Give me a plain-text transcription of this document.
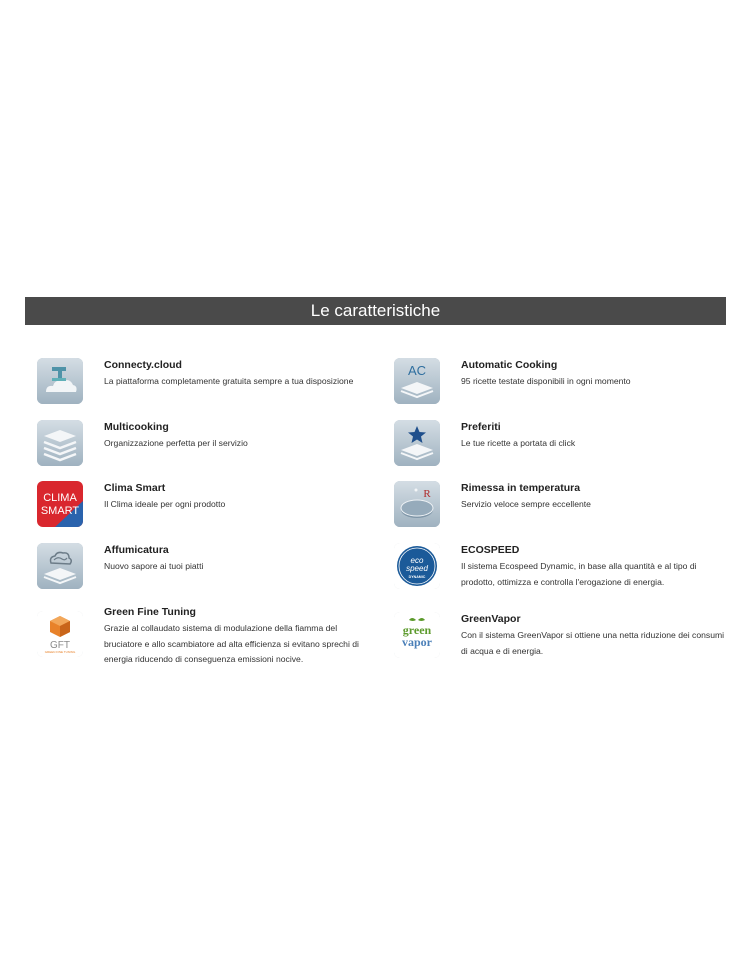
Le caratteristiche
Connecty.cloud
La piattaforma completamente gratuita sempre a tua disposizione
AC	Automatic Cooking
95 ricette testate disponibili in ogni momento
Multicooking
Organizzazione perfetta per il servizio
Preferiti
Le tue ricette a portata di click
CLIMA
SMART
Clima Smart
Il Clima ideale per ogni prodotto
R	Rimessa in temperatura
Servizio veloce sempre eccellente
Affumicatura
Nuovo sapore ai tuoi piatti
eco
speed
DYNAMIC
ECOSPEED
Il sistema Ecospeed Dynamic, in base alla quantità e al tipo di prodotto, ottimizza e controlla l'erogazione di energia.
GFT
GREEN FINE TUNING
Green Fine Tuning
Grazie al collaudato sistema di modulazione della fiamma del bruciatore e allo scambiatore ad alta efficienza si evitano sprechi di energia riducendo di conseguenza emissioni nocive.
green
vapor
GreenVapor
Con il sistema GreenVapor si ottiene una netta riduzione dei consumi di acqua e di energia.
